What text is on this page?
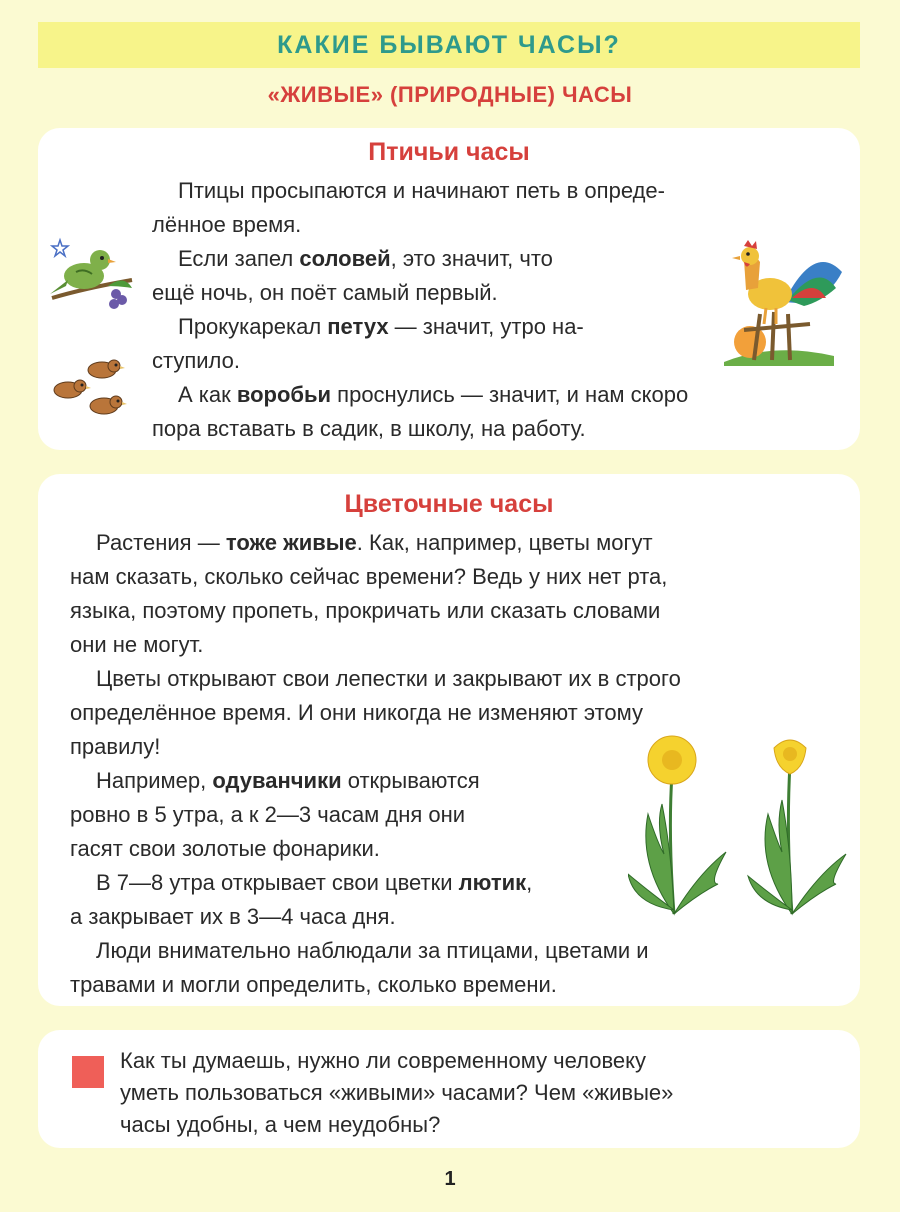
КАКИЕ БЫВАЮТ ЧАСЫ?
«ЖИВЫЕ» (ПРИРОДНЫЕ) ЧАСЫ
Птичьи часы

Птицы просыпаются и начинают петь в опреде-

лённое время.

Если запел соловей, это значит, что

ещё ночь, он поёт самый первый.

Прокукарекал петух — значит, утро на-

ступило.

А как воробьи проснулись — значит, и нам скоро

пора вставать в садик, в школу, на работу.

Цветочные часы

Растения — тоже живые. Как, например, цветы могут

нам сказать, сколько сейчас времени? Ведь у них нет рта,

языка, поэтому пропеть, прокричать или сказать словами

они не могут.

Цветы открывают свои лепестки и закрывают их в строго

определённое время. И они никогда не изменяют этому

правилу!

Например, одуванчики открываются

ровно в 5 утра, а к 2—3 часам дня они

гасят свои золотые фонарики.

В 7—8 утра открывает свои цветки лютик,

а закрывает их в 3—4 часа дня.

Люди внимательно наблюдали за птицами, цветами и

травами и могли определить, сколько времени.

Как ты думаешь, нужно ли современному человеку

уметь пользоваться «живыми» часами? Чем «живые»

часы удобны, а чем неудобны?

1
